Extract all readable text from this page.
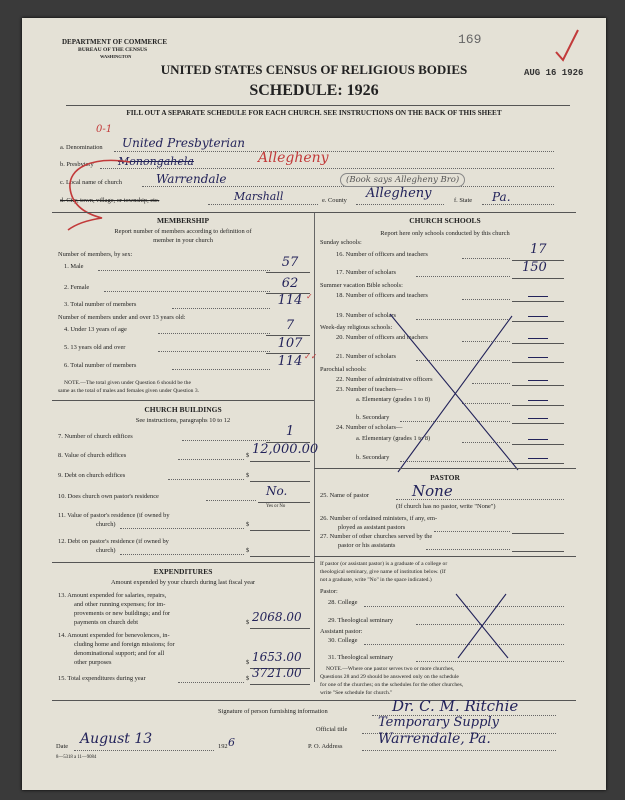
DEPARTMENT OF COMMERCE
BUREAU OF THE CENSUS
WASHINGTON
169
AUG 16 1926
UNITED STATES CENSUS OF RELIGIOUS BODIES
SCHEDULE: 1926
FILL OUT A SEPARATE SCHEDULE FOR EACH CHURCH. SEE INSTRUCTIONS ON THE BACK OF THIS SHEET
0-1
a. Denomination United Presbyterian
b. Presbytery Monongahela	Allegheny
c. Local name of church	Warrendale	(Book says Allegheny Bro)
d. City, town, village, or township, etc.	Marshall	e. County Allegheny	f. State Pa.
MEMBERSHIP
Report number of members according to definition of
member in your church
Number of members, by sex:
1. Male	57
2. Female	62
3. Total number of members	114 ✓
Number of members under and over 13 years old:
4. Under 13 years of age	7
5. 13 years old and over	107
6. Total number of members	114 ✓✓
NOTE.—The total given under Question 6 should be the
same as the total of males and females given under Question 3.
CHURCH BUILDINGS
See instructions, paragraphs 10 to 12
7. Number of church edifices	1
8. Value of church edifices	$ 12,000.00
9. Debt on church edifices	$
10. Does church own pastor's residence	No.
Yes or No
11. Value of pastor's residence (if owned by
church)	$
12. Debt on pastor's residence (if owned by
church)	$
EXPENDITURES
Amount expended by your church during last fiscal year
13. Amount expended for salaries, repairs,
and other running expenses; for im-
provements or new buildings; and for
payments on church debt	$ 2068.00
14. Amount expended for benevolences, in-
cluding home and foreign missions; for
denominational support; and for all
other purposes	$ 1653.00
15. Total expenditures during year	$ 3721.00
CHURCH SCHOOLS
Report here only schools conducted by this church
Sunday schools:
16. Number of officers and teachers	17
17. Number of scholars	150
Summer vacation Bible schools:
18. Number of officers and teachers
19. Number of scholars
Week-day religious schools:
20. Number of officers and teachers
21. Number of scholars
Parochial schools:
22. Number of administrative officers
23. Number of teachers—
a. Elementary (grades 1 to 8)
b. Secondary
24. Number of scholars—
a. Elementary (grades 1 to 8)
b. Secondary
PASTOR
25. Name of pastor	None
(If church has no pastor, write "None")
26. Number of ordained ministers, if any, em-
ployed as assistant pastors
27. Number of other churches served by the
pastor or his assistants
If pastor (or assistant pastor) is a graduate of a college or
theological seminary, give name of institution below. (If
not a graduate, write "No" in the space indicated.)
Pastor:
28. College
29. Theological seminary
Assistant pastor:
30. College
31. Theological seminary
NOTE.—Where one pastor serves two or more churches,
Questions 28 and 29 should be answered only on the schedule
for one of the churches; on the schedules for the other churches,
write "See schedule for church."
Signature of person furnishing information	Dr. C. M. Ritchie
Official title Temporary Supply
Date August 13	192 6	P. O. Address	Warrendale, Pa.
8—5318 a 11—9084
